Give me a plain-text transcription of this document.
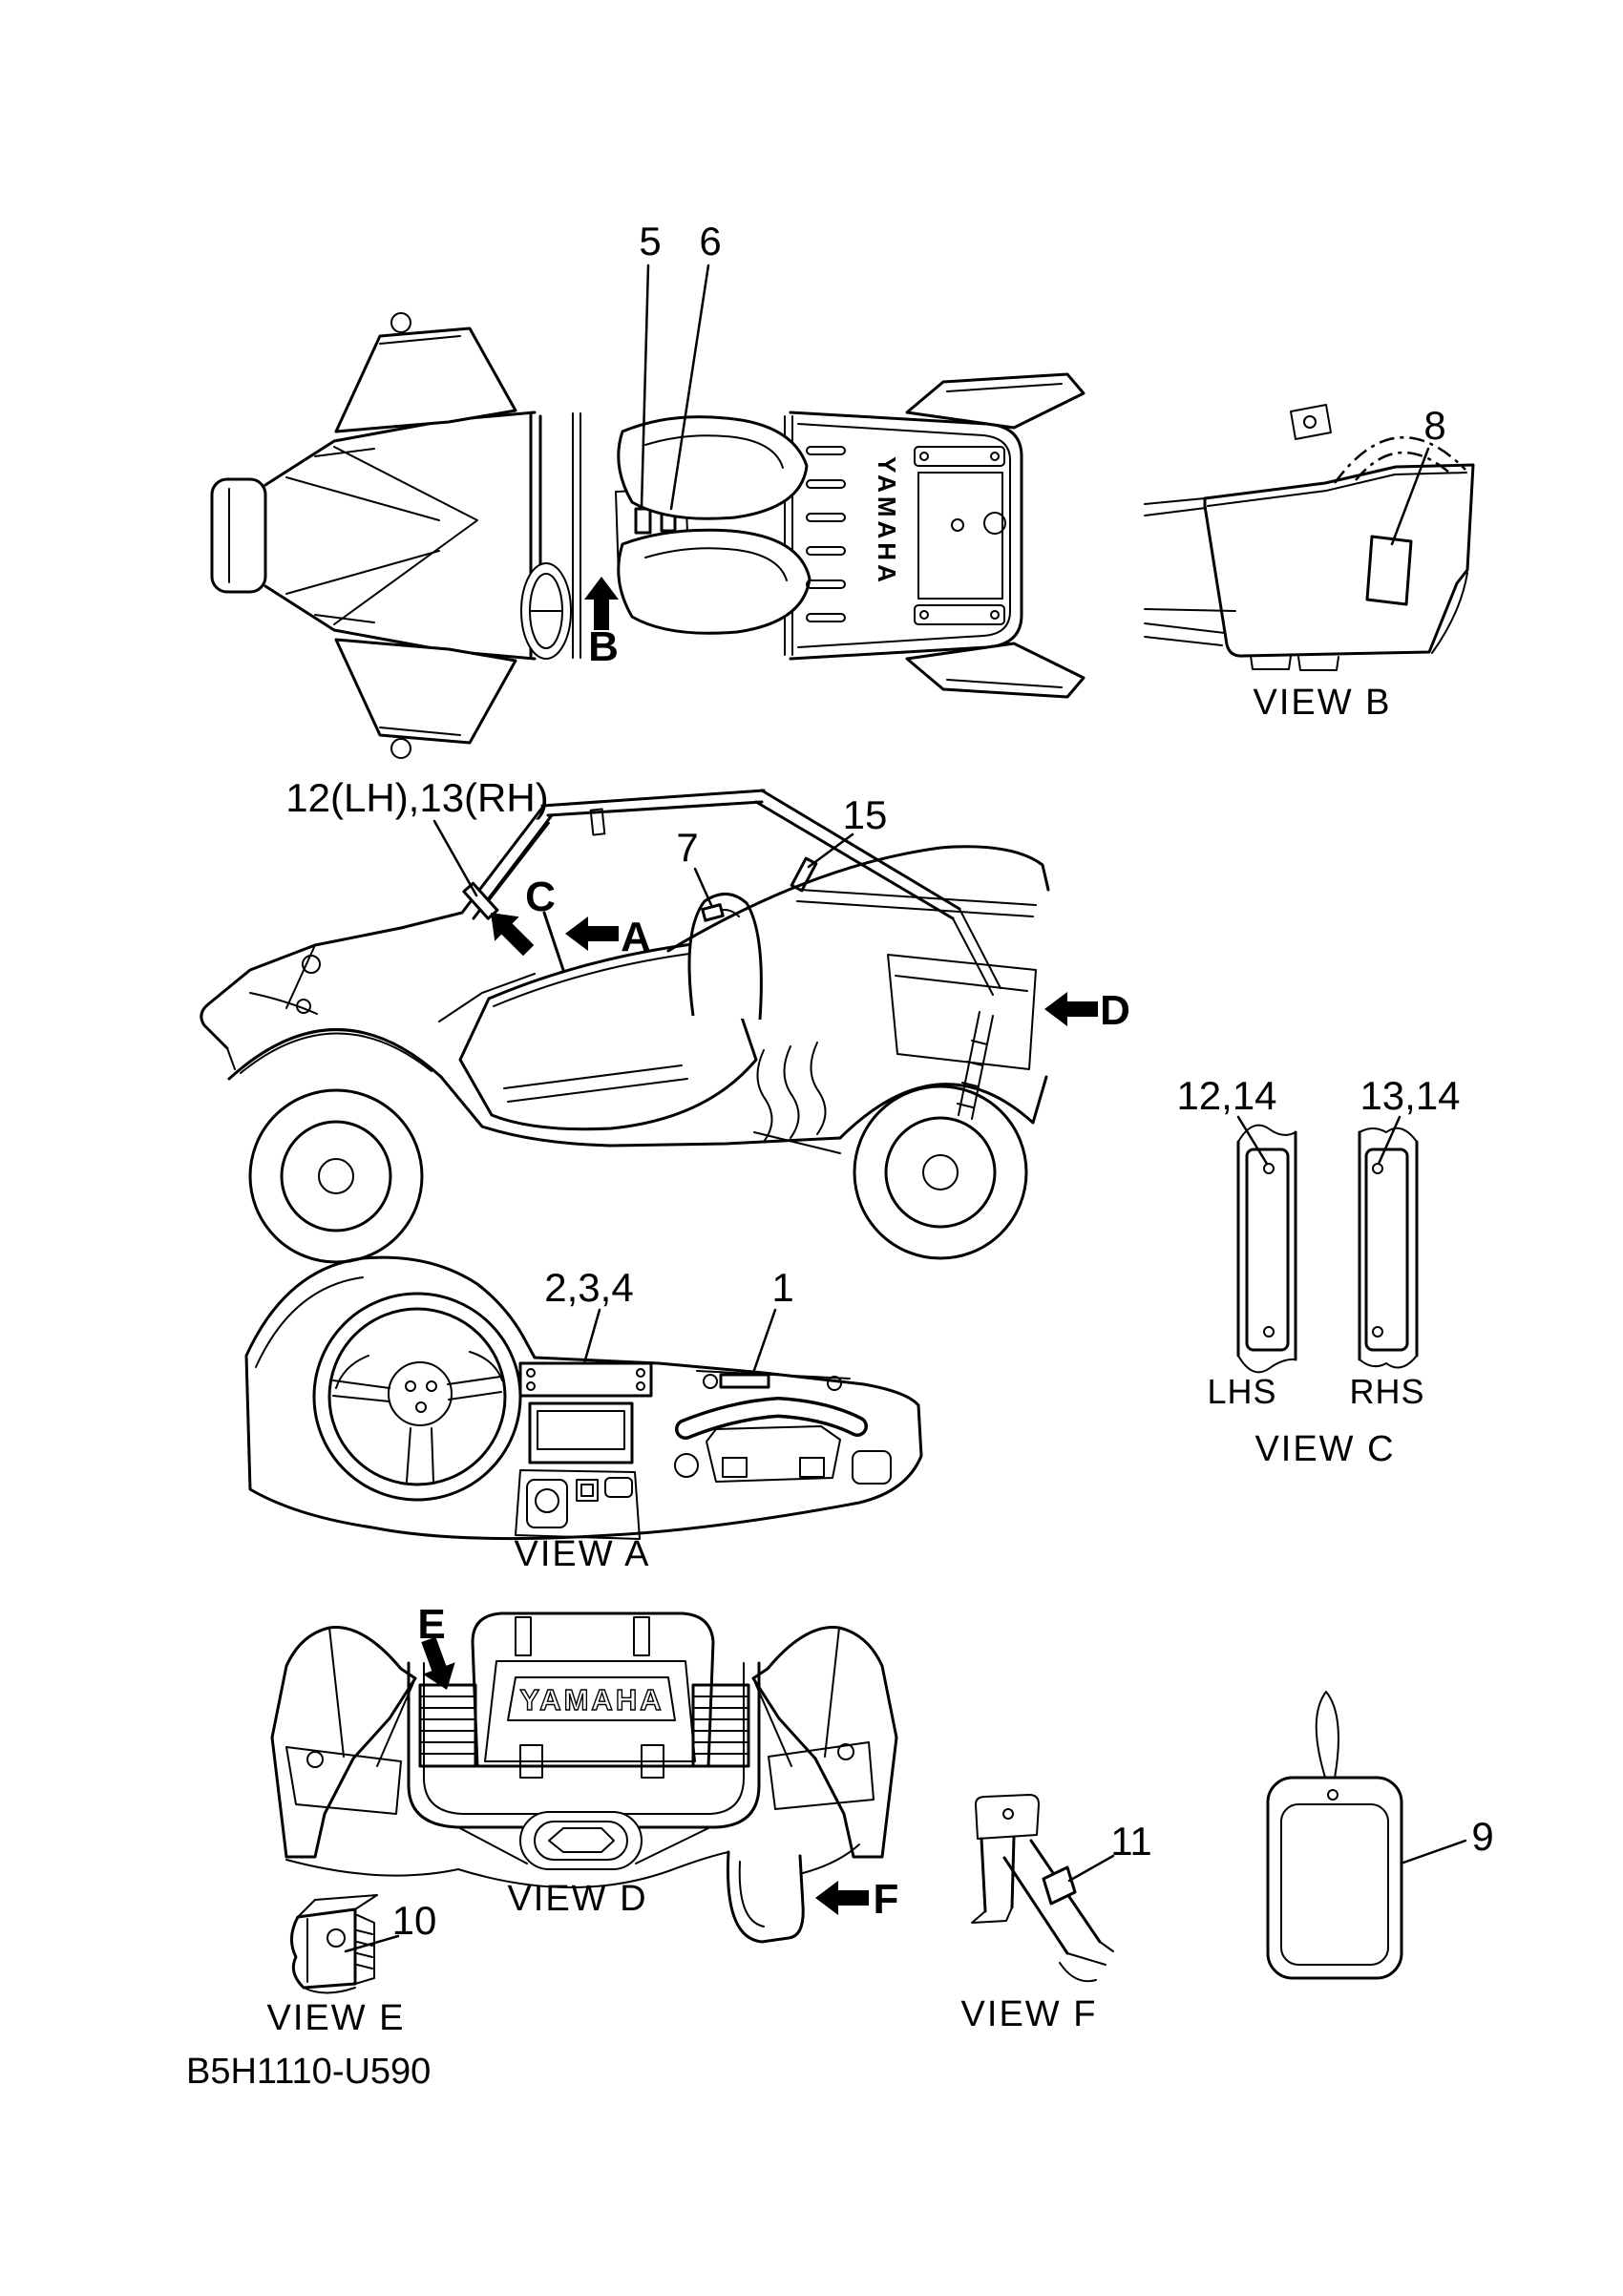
YAMAHA
5 6
B
8
VIEW B
12(LH),13(RH)
7
15
C
A
D
12,14 13,14
LHS RHS
VIEW C
2,3,4	1
VIEW A
YAMAHA
E
F
VIEW D
10
VIEW E
11
VIEW F
9
B5H1110-U590
